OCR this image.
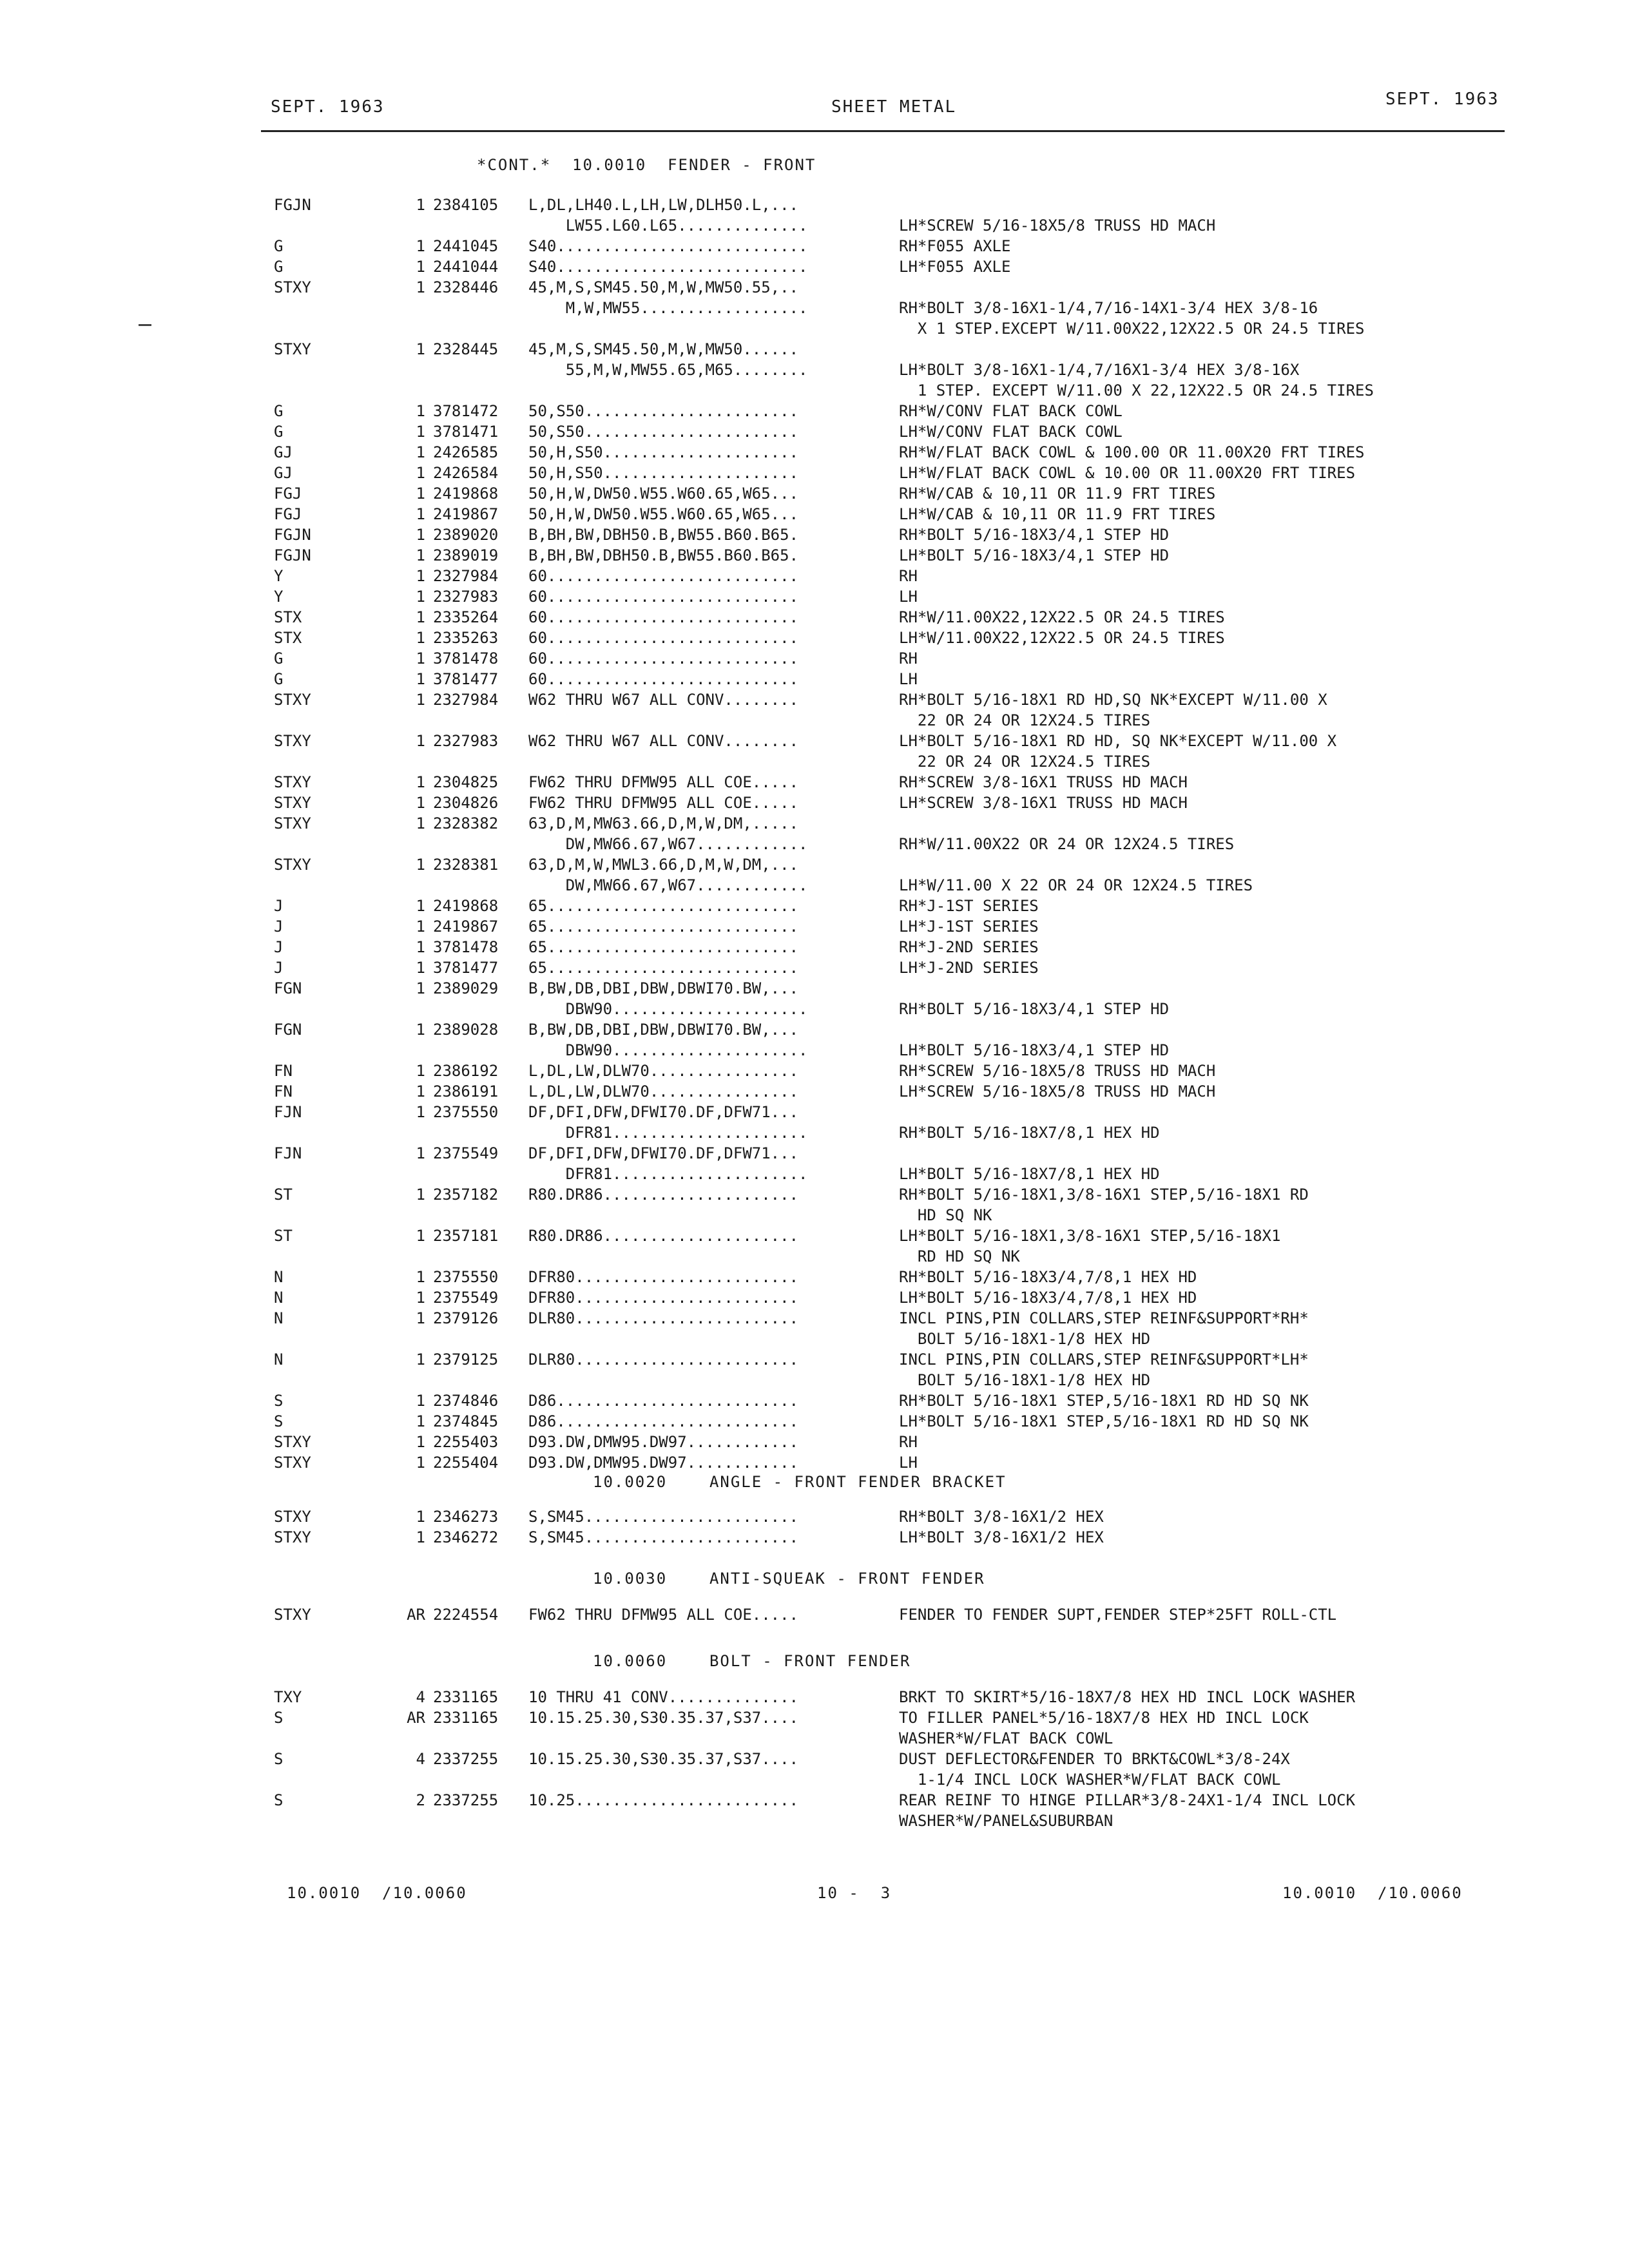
SEPT. 1963	SHEET METAL	SEPT. 1963
*CONT.*  10.0010  FENDER - FRONT
FGJN	1 2384105 L,DL,LH40.L,LH,LW,DLH50.L,...
LW55.L60.L65..............	LH*SCREW 5/16-18X5/8 TRUSS HD MACH
G	1 2441045 S40...........................	RH*F055 AXLE
G	1 2441044 S40...........................	LH*F055 AXLE
STXY	1 2328446 45,M,S,SM45.50,M,W,MW50.55,..
M,W,MW55..................	RH*BOLT 3/8-16X1-1/4,7/16-14X1-3/4 HEX 3/8-16
X 1 STEP.EXCEPT W/11.00X22,12X22.5 OR 24.5 TIRES
STXY	1 2328445 45,M,S,SM45.50,M,W,MW50......
55,M,W,MW55.65,M65........	LH*BOLT 3/8-16X1-1/4,7/16X1-3/4 HEX 3/8-16X
1 STEP. EXCEPT W/11.00 X 22,12X22.5 OR 24.5 TIRES
G	1 3781472 50,S50.......................	RH*W/CONV FLAT BACK COWL
G	1 3781471 50,S50.......................	LH*W/CONV FLAT BACK COWL
GJ	1 2426585 50,H,S50.....................	RH*W/FLAT BACK COWL & 100.00 OR 11.00X20 FRT TIRES
GJ	1 2426584 50,H,S50.....................	LH*W/FLAT BACK COWL & 10.00 OR 11.00X20 FRT TIRES
FGJ	1 2419868 50,H,W,DW50.W55.W60.65,W65...	RH*W/CAB & 10,11 OR 11.9 FRT TIRES
FGJ	1 2419867 50,H,W,DW50.W55.W60.65,W65...	LH*W/CAB & 10,11 OR 11.9 FRT TIRES
FGJN	1 2389020 B,BH,BW,DBH50.B,BW55.B60.B65.	RH*BOLT 5/16-18X3/4,1 STEP HD
FGJN	1 2389019 B,BH,BW,DBH50.B,BW55.B60.B65.	LH*BOLT 5/16-18X3/4,1 STEP HD
Y	1 2327984 60...........................	RH
Y	1 2327983 60...........................	LH
STX	1 2335264 60...........................	RH*W/11.00X22,12X22.5 OR 24.5 TIRES
STX	1 2335263 60...........................	LH*W/11.00X22,12X22.5 OR 24.5 TIRES
G	1 3781478 60...........................	RH
G	1 3781477 60...........................	LH
STXY	1 2327984 W62 THRU W67 ALL CONV........	RH*BOLT 5/16-18X1 RD HD,SQ NK*EXCEPT W/11.00 X
22 OR 24 OR 12X24.5 TIRES
STXY	1 2327983 W62 THRU W67 ALL CONV........	LH*BOLT 5/16-18X1 RD HD, SQ NK*EXCEPT W/11.00 X
22 OR 24 OR 12X24.5 TIRES
STXY	1 2304825 FW62 THRU DFMW95 ALL COE.....	RH*SCREW 3/8-16X1 TRUSS HD MACH
STXY	1 2304826 FW62 THRU DFMW95 ALL COE.....	LH*SCREW 3/8-16X1 TRUSS HD MACH
STXY	1 2328382 63,D,M,MW63.66,D,M,W,DM,.....
DW,MW66.67,W67............	RH*W/11.00X22 OR 24 OR 12X24.5 TIRES
STXY	1 2328381 63,D,M,W,MWL3.66,D,M,W,DM,...
DW,MW66.67,W67............	LH*W/11.00 X 22 OR 24 OR 12X24.5 TIRES
J	1 2419868 65...........................	RH*J-1ST SERIES
J	1 2419867 65...........................	LH*J-1ST SERIES
J	1 3781478 65...........................	RH*J-2ND SERIES
J	1 3781477 65...........................	LH*J-2ND SERIES
FGN	1 2389029 B,BW,DB,DBI,DBW,DBWI70.BW,...
DBW90.....................	RH*BOLT 5/16-18X3/4,1 STEP HD
FGN	1 2389028 B,BW,DB,DBI,DBW,DBWI70.BW,...
DBW90.....................	LH*BOLT 5/16-18X3/4,1 STEP HD
FN	1 2386192 L,DL,LW,DLW70................	RH*SCREW 5/16-18X5/8 TRUSS HD MACH
FN	1 2386191 L,DL,LW,DLW70................	LH*SCREW 5/16-18X5/8 TRUSS HD MACH
FJN	1 2375550 DF,DFI,DFW,DFWI70.DF,DFW71...
DFR81.....................	RH*BOLT 5/16-18X7/8,1 HEX HD
FJN	1 2375549 DF,DFI,DFW,DFWI70.DF,DFW71...
DFR81.....................	LH*BOLT 5/16-18X7/8,1 HEX HD
ST	1 2357182 R80.DR86.....................	RH*BOLT 5/16-18X1,3/8-16X1 STEP,5/16-18X1 RD
HD SQ NK
ST	1 2357181 R80.DR86.....................	LH*BOLT 5/16-18X1,3/8-16X1 STEP,5/16-18X1
RD HD SQ NK
N	1 2375550 DFR80........................	RH*BOLT 5/16-18X3/4,7/8,1 HEX HD
N	1 2375549 DFR80........................	LH*BOLT 5/16-18X3/4,7/8,1 HEX HD
N	1 2379126 DLR80........................	INCL PINS,PIN COLLARS,STEP REINF&SUPPORT*RH*
BOLT 5/16-18X1-1/8 HEX HD
N	1 2379125 DLR80........................	INCL PINS,PIN COLLARS,STEP REINF&SUPPORT*LH*
BOLT 5/16-18X1-1/8 HEX HD
S	1 2374846 D86..........................	RH*BOLT 5/16-18X1 STEP,5/16-18X1 RD HD SQ NK
S	1 2374845 D86..........................	LH*BOLT 5/16-18X1 STEP,5/16-18X1 RD HD SQ NK
STXY	1 2255403 D93.DW,DMW95.DW97............	RH
STXY	1 2255404 D93.DW,DMW95.DW97............	LH
10.0020    ANGLE - FRONT FENDER BRACKET
STXY	1 2346273 S,SM45.......................	RH*BOLT 3/8-16X1/2 HEX
STXY	1 2346272 S,SM45.......................	LH*BOLT 3/8-16X1/2 HEX
10.0030    ANTI-SQUEAK - FRONT FENDER
STXY	AR 2224554 FW62 THRU DFMW95 ALL COE.....	FENDER TO FENDER SUPT,FENDER STEP*25FT ROLL-CTL
10.0060    BOLT - FRONT FENDER
TXY	4 2331165 10 THRU 41 CONV..............	BRKT TO SKIRT*5/16-18X7/8 HEX HD INCL LOCK WASHER
S	AR 2331165 10.15.25.30,S30.35.37,S37....	TO FILLER PANEL*5/16-18X7/8 HEX HD INCL LOCK
WASHER*W/FLAT BACK COWL
S	4 2337255 10.15.25.30,S30.35.37,S37....	DUST DEFLECTOR&FENDER TO BRKT&COWL*3/8-24X
1-1/4 INCL LOCK WASHER*W/FLAT BACK COWL
S	2 2337255 10.25........................	REAR REINF TO HINGE PILLAR*3/8-24X1-1/4 INCL LOCK
WASHER*W/PANEL&SUBURBAN
10.0010  /10.0060	10 -  3	10.0010  /10.0060
